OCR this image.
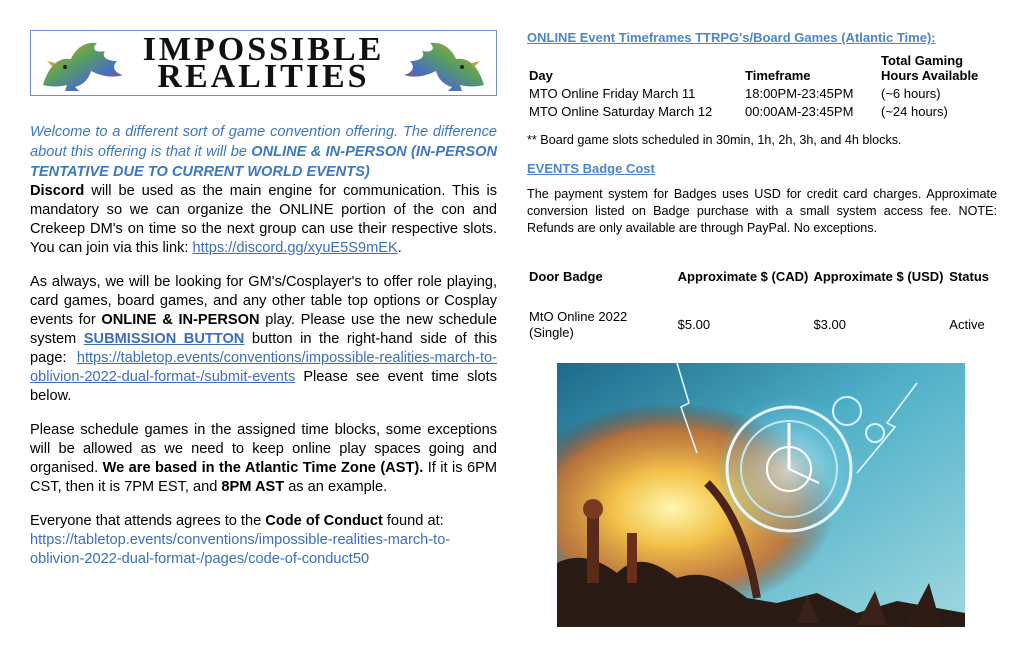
IMPOSSIBLE
REALITIES

Welcome to a different sort of game convention offering. The difference about this offering is that it will be ONLINE & IN-PERSON (IN-PERSON TENTATIVE DUE TO CURRENT WORLD EVENTS)

Discord will be used as the main engine for communication. This is mandatory so we can organize the ONLINE portion of the con and Crekeep DM's on time so the next group can use their respective slots. You can join via this link: https://discord.gg/xyuE5S9mEK.

As always, we will be looking for GM's/Cosplayer's to offer role playing, card games, board games, and any other table top options or Cosplay events for ONLINE & IN-PERSON play. Please use the new schedule system SUBMISSION BUTTON button in the right-hand side of this page: https://tabletop.events/conventions/impossible-realities-march-to-oblivion-2022-dual-format-/submit-events Please see event time slots below.

Please schedule games in the assigned time blocks, some exceptions will be allowed as we need to keep online play spaces going and organised. We are based in the Atlantic Time Zone (AST). If it is 6PM CST, then it is 7PM EST, and 8PM AST as an example.

Everyone that attends agrees to the Code of Conduct found at:
https://tabletop.events/conventions/impossible-realities-march-to-oblivion-2022-dual-format-/pages/code-of-conduct50

ONLINE Event Timeframes TTRPG's/Board Games (Atlantic Time):
Day	Timeframe	Total Gaming Hours Available
MTO Online Friday March 11	18:00PM-23:45PM	(~6 hours)
MTO Online Saturday March 12	00:00AM-23:45PM	(~24 hours)

** Board game slots scheduled in 30min, 1h, 2h, 3h, and 4h blocks.

EVENTS Badge Cost

The payment system for Badges uses USD for credit card charges. Approximate conversion listed on Badge purchase with a small system access fee. NOTE: Refunds are only available are through PayPal. No exceptions.

Door Badge	Approximate $ (CAD)	Approximate $ (USD)	Status
MtO Online 2022 (Single)	$5.00	$3.00	Active
